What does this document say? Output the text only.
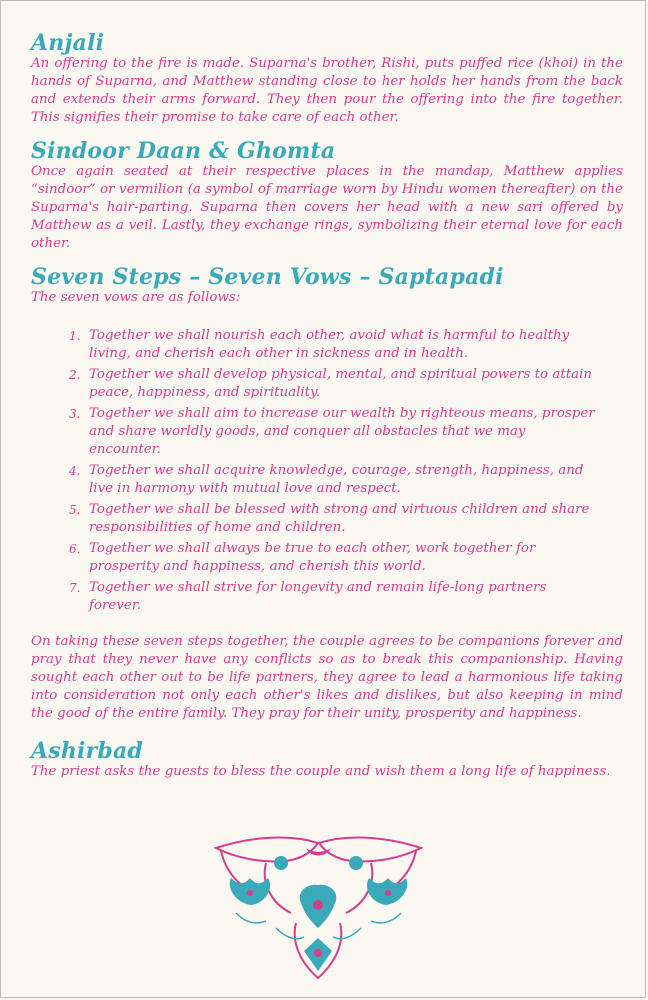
Anjali

An offering to the fire is made. Suparna's brother, Rishi, puts puffed rice (khoi) in the hands of Suparna, and Matthew standing close to her holds her hands from the back and extends their arms forward. They then pour the offering into the fire together. This signifies their promise to take care of each other.

Sindoor Daan & Ghomta

Once again seated at their respective places in the mandap, Matthew applies “sindoor” or vermilion (a symbol of marriage worn by Hindu women thereafter) on the Suparna's hair-parting. Suparna then covers her head with a new sari offered by Matthew as a veil. Lastly, they exchange rings, symbolizing their eternal love for each other.

Seven Steps – Seven Vows – Saptapadi

The seven vows are as follows:

1. Together we shall nourish each other, avoid what is harmful to healthy living, and cherish each other in sickness and in health.
2. Together we shall develop physical, mental, and spiritual powers to attain peace, happiness, and spirituality.
3. Together we shall aim to increase our wealth by righteous means, prosper and share worldly goods, and conquer all obstacles that we may encounter.
4. Together we shall acquire knowledge, courage, strength, happiness, and live in harmony with mutual love and respect.
5. Together we shall be blessed with strong and virtuous children and share responsibilities of home and children.
6. Together we shall always be true to each other, work together for prosperity and happiness, and cherish this world.
7. Together we shall strive for longevity and remain life-long partners forever.

On taking these seven steps together, the couple agrees to be companions forever and pray that they never have any conflicts so as to break this companionship. Having sought each other out to be life partners, they agree to lead a harmonious life taking into consideration not only each other's likes and dislikes, but also keeping in mind the good of the entire family. They pray for their unity, prosperity and happiness.

Ashirbad

The priest asks the guests to bless the couple and wish them a long life of happiness.
